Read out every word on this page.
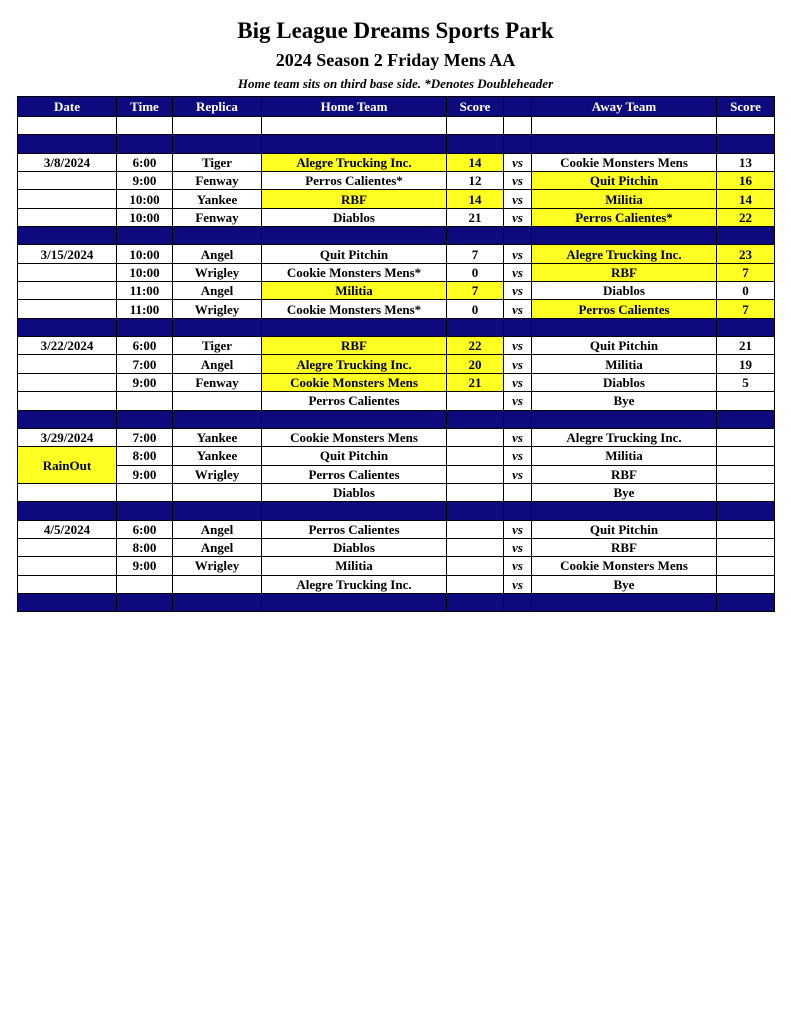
Big League Dreams Sports Park
2024 Season 2 Friday Mens AA
Home team sits on third base side. *Denotes Doubleheader
Date	Time	Replica	Home Team	Score		Away Team	Score

3/8/2024	6:00	Tiger	Alegre Trucking Inc.	14	vs	Cookie Monsters Mens	13
	9:00	Fenway	Perros Calientes*	12	vs	Quit Pitchin	16
	10:00	Yankee	RBF	14	vs	Militia	14
	10:00	Fenway	Diablos	21	vs	Perros Calientes*	22

3/15/2024	10:00	Angel	Quit Pitchin	7	vs	Alegre Trucking Inc.	23
	10:00	Wrigley	Cookie Monsters Mens*	0	vs	RBF	7
	11:00	Angel	Militia	7	vs	Diablos	0
	11:00	Wrigley	Cookie Monsters Mens*	0	vs	Perros Calientes	7

3/22/2024	6:00	Tiger	RBF	22	vs	Quit Pitchin	21
	7:00	Angel	Alegre Trucking Inc.	20	vs	Militia	19
	9:00	Fenway	Cookie Monsters Mens	21	vs	Diablos	5
			Perros Calientes		vs	Bye	

3/29/2024	7:00	Yankee	Cookie Monsters Mens		vs	Alegre Trucking Inc.	
RainOut	8:00	Yankee	Quit Pitchin		vs	Militia	
	9:00	Wrigley	Perros Calientes		vs	RBF	
			Diablos			Bye	

4/5/2024	6:00	Angel	Perros Calientes		vs	Quit Pitchin	
	8:00	Angel	Diablos		vs	RBF	
	9:00	Wrigley	Militia		vs	Cookie Monsters Mens	
			Alegre Trucking Inc.		vs	Bye	
